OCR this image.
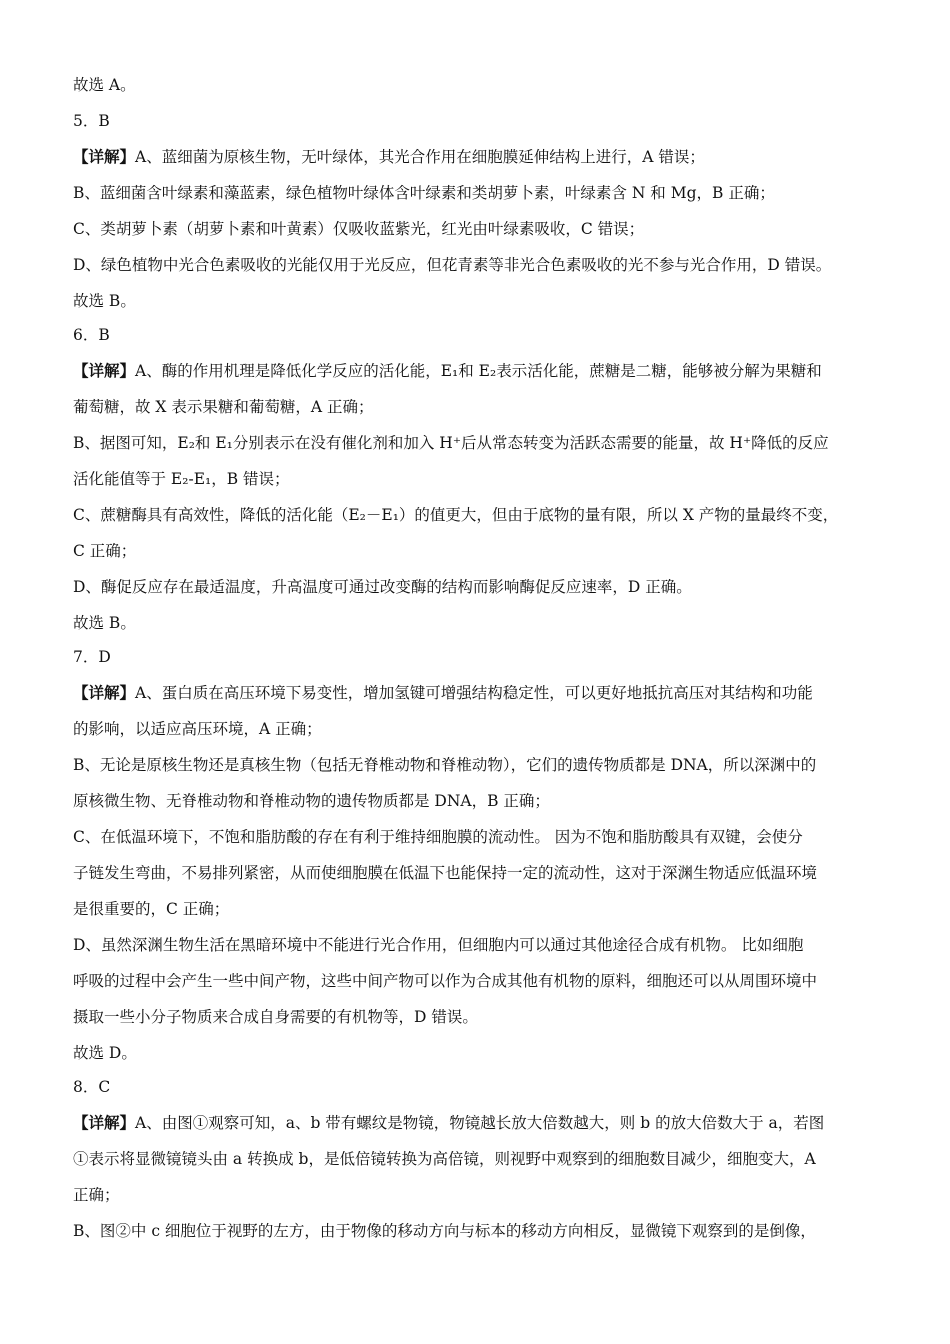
故选 A。
5．B
【详解】A、蓝细菌为原核生物，无叶绿体，其光合作用在细胞膜延伸结构上进行，A 错误；
B、蓝细菌含叶绿素和藻蓝素，绿色植物叶绿体含叶绿素和类胡萝卜素，叶绿素含 N 和 Mg，B 正确；
C、类胡萝卜素（胡萝卜素和叶黄素）仅吸收蓝紫光，红光由叶绿素吸收，C 错误；
D、绿色植物中光合色素吸收的光能仅用于光反应，但花青素等非光合色素吸收的光不参与光合作用，D 错误。
故选 B。
6．B
【详解】A、酶的作用机理是降低化学反应的活化能，E₁和 E₂表示活化能，蔗糖是二糖，能够被分解为果糖和
葡萄糖，故 X 表示果糖和葡萄糖，A 正确；
B、据图可知，E₂和 E₁分别表示在没有催化剂和加入 H⁺后从常态转变为活跃态需要的能量，故 H⁺降低的反应
活化能值等于 E₂-E₁，B 错误；
C、蔗糖酶具有高效性，降低的活化能（E₂－E₁）的值更大，但由于底物的量有限，所以 X 产物的量最终不变，
C 正确；
D、酶促反应存在最适温度，升高温度可通过改变酶的结构而影响酶促反应速率，D 正确。
故选 B。
7．D
【详解】A、蛋白质在高压环境下易变性，增加氢键可增强结构稳定性，可以更好地抵抗高压对其结构和功能
的影响，以适应高压环境，A 正确；
B、无论是原核生物还是真核生物（包括无脊椎动物和脊椎动物），它们的遗传物质都是 DNA，所以深渊中的
原核微生物、无脊椎动物和脊椎动物的遗传物质都是 DNA，B 正确；
C、在低温环境下，不饱和脂肪酸的存在有利于维持细胞膜的流动性。 因为不饱和脂肪酸具有双键，会使分
子链发生弯曲，不易排列紧密，从而使细胞膜在低温下也能保持一定的流动性，这对于深渊生物适应低温环境
是很重要的，C 正确；
D、虽然深渊生物生活在黑暗环境中不能进行光合作用，但细胞内可以通过其他途径合成有机物。 比如细胞
呼吸的过程中会产生一些中间产物，这些中间产物可以作为合成其他有机物的原料，细胞还可以从周围环境中
摄取一些小分子物质来合成自身需要的有机物等，D 错误。
故选 D。
8．C
【详解】A、由图①观察可知，a、b 带有螺纹是物镜，物镜越长放大倍数越大，则 b 的放大倍数大于 a，若图
①表示将显微镜镜头由 a 转换成 b，是低倍镜转换为高倍镜，则视野中观察到的细胞数目减少，细胞变大，A
正确；
B、图②中 c 细胞位于视野的左方，由于物像的移动方向与标本的移动方向相反，显微镜下观察到的是倒像，
